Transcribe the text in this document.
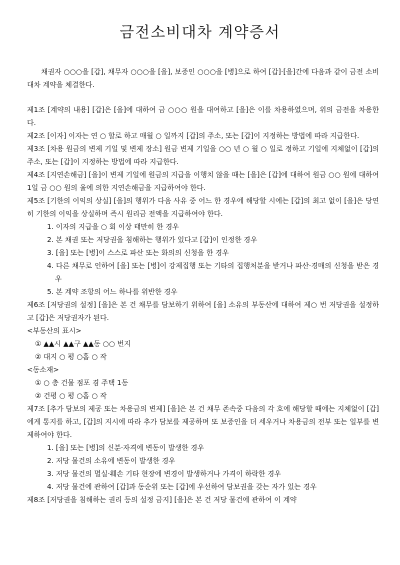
금전소비대차 계약증서

채권자 ○○○을 [갑], 채무자 ○○○을 [을], 보증인 ○○○을 [병]으로 하여 [갑]·[을]간에 다음과 같이 금전 소비대차 계약을 체결한다.

제1조 [계약의 내용] [갑]은 [을]에 대하여 금 ○○○ 원을 대여하고 [을]은 이를 차용하였으며, 위의 금전을 차용한다.

제2조 [이자] 이자는 연 ○ 할로 하고 매월 ○ 일까지 [갑]의 주소, 또는 [갑]이 지정하는 방법에 따라 지급한다.

제3조 [차용 원금의 변제 기일 및 변제 장소] 원금 변제 기일을 ○○ 년 ○ 월 ○ 일로 정하고 기일에 지체없이 [갑]의 주소, 또는 [갑]이 지정하는 방법에 따라 지급한다.

제4조 [지연손해금] [을]이 변제 기일에 원금의 지급을 이행치 않을 때는 [을]은 [갑]에 대하여 원금 ○○ 원에 대하여 1일 금 ○○ 원의 율에 의한 지연손해금을 지급하여야 한다.

제5조 [기한의 이익의 상실] [을]의 행위가 다음 사유 중 어느 한 경우에 해당할 시에는 [갑]의 최고 없이 [을]은 당연히 기한의 이익을 상실하며 즉시 원리금 전액을 지급하여야 한다.

1. 이자의 지급을 ○ 회 이상 태만히 한 경우

2. 본 채권 또는 저당권을 침해하는 행위가 있다고 [갑]이 인정한 경우

3. [을] 또는 [병]이 스스로 파산 또는 화의의 신청을 한 경우

4. 다른 채무로 인하여 [을] 또는 [병]이 강제집행 또는 기타의 집행처분을 받거나 파산·경매의 신청을 받은 경우

5. 본 계약 조항의 어느 하나를 위반한 경우

제6조 [저당권의 설정] [을]은 본 건 채무를 담보하기 위하여 [을] 소유의 부동산에 대하여 제○ 번 저당권을 설정하고 [갑]은 저당권자가 된다.

<부동산의 표시>

① ▲▲시 ▲▲구 ▲▲동 ○○ 번지

② 대지 ○ 평 ○홉 ○ 작

<동소재>

① ○ 층 건물 점포 겸 주택 1동

② 건평 ○ 평 ○홉 ○ 작

제7조 [추가 담보의 제공 또는 차용금의 변제] [을]은 본 건 채무 존속중 다음의 각 호에 해당할 때에는 지체없이 [갑]에게 통지를 하고, [갑]의 지시에 따라 추가 담보를 제공하며 또 보증인을 더 세우거나 차용금의 전부 또는 일부를 변제하여야 한다.

1. [을] 또는 [병]의 신분·자격에 변동이 발생한 경우

2. 저당 물건의 소유에 변동이 발생한 경우

3. 저당 물건의 멸실·훼손 기타 현장에 변경이 발생하거나 가격이 하락한 경우

4. 저당 물건에 관하여 [갑]과 동순위 또는 [갑]에 우선하여 담보권을 갖는 자가 있는 경우

제8조 [저당권을 침해하는 권리 등의 설정 금지] [을]은 본 건 저당 물건에 관하여 이 계약
